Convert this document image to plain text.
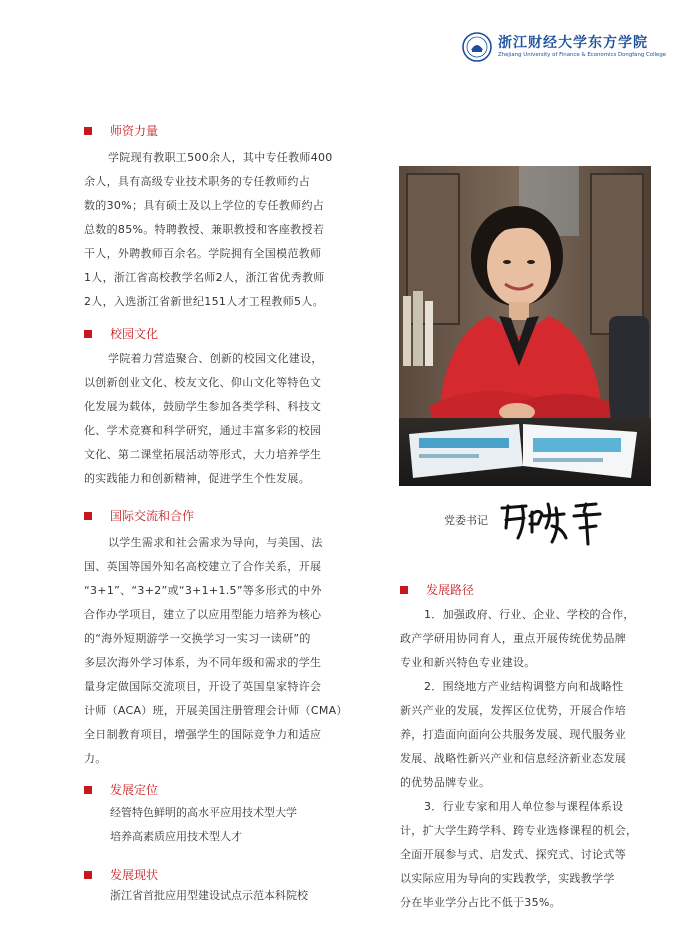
浙江财经大学东方学院
Zhejiang University of Finance & Economics Dongfang College
师资力量
学院现有教职工500余人，其中专任教师400
余人，具有高级专业技术职务的专任教师约占
数的30%；具有硕士及以上学位的专任教师约占
总数的85%。特聘教授、兼职教授和客座教授若
干人，外聘教师百余名。学院拥有全国模范教师
1人，浙江省高校教学名师2人，浙江省优秀教师
2人，入选浙江省新世纪151人才工程教师5人。
校园文化
学院着力营造聚合、创新的校园文化建设，
以创新创业文化、校友文化、仰山文化等特色文
化发展为载体，鼓励学生参加各类学科、科技文
化、学术竞赛和科学研究，通过丰富多彩的校园
文化、第二课堂拓展活动等形式，大力培养学生
的实践能力和创新精神，促进学生个性发展。
国际交流和合作
以学生需求和社会需求为导向，与美国、法
国、英国等国外知名高校建立了合作关系，开展
“3+1”、“3+2”或“3+1+1.5”等多形式的中外
合作办学项目，建立了以应用型能力培养为核心
的“海外短期游学一交换学习一实习一读研”的
多层次海外学习体系，为不同年级和需求的学生
量身定做国际交流项目，开设了英国皇家特许会
计师（ACA）班，开展美国注册管理会计师（CMA）
全日制教育项目，增强学生的国际竞争力和适应
力。
发展定位
经管特色鲜明的高水平应用技术型大学
培养高素质应用技术型人才
发展现状
浙江省首批应用型建设试点示范本科院校
党委书记
发展路径
1．加强政府、行业、企业、学校的合作，
政产学研用协同育人，重点开展传统优势品牌
专业和新兴特色专业建设。
2．围绕地方产业结构调整方向和战略性
新兴产业的发展，发挥区位优势，开展合作培
养，打造面向面向公共服务发展、现代服务业
发展、战略性新兴产业和信息经济新业态发展
的优势品牌专业。
3．行业专家和用人单位参与课程体系设
计，扩大学生跨学科、跨专业选修课程的机会，
全面开展参与式、启发式、探究式、讨论式等
以实际应用为导向的实践教学，实践教学学
分在毕业学分占比不低于35%。
